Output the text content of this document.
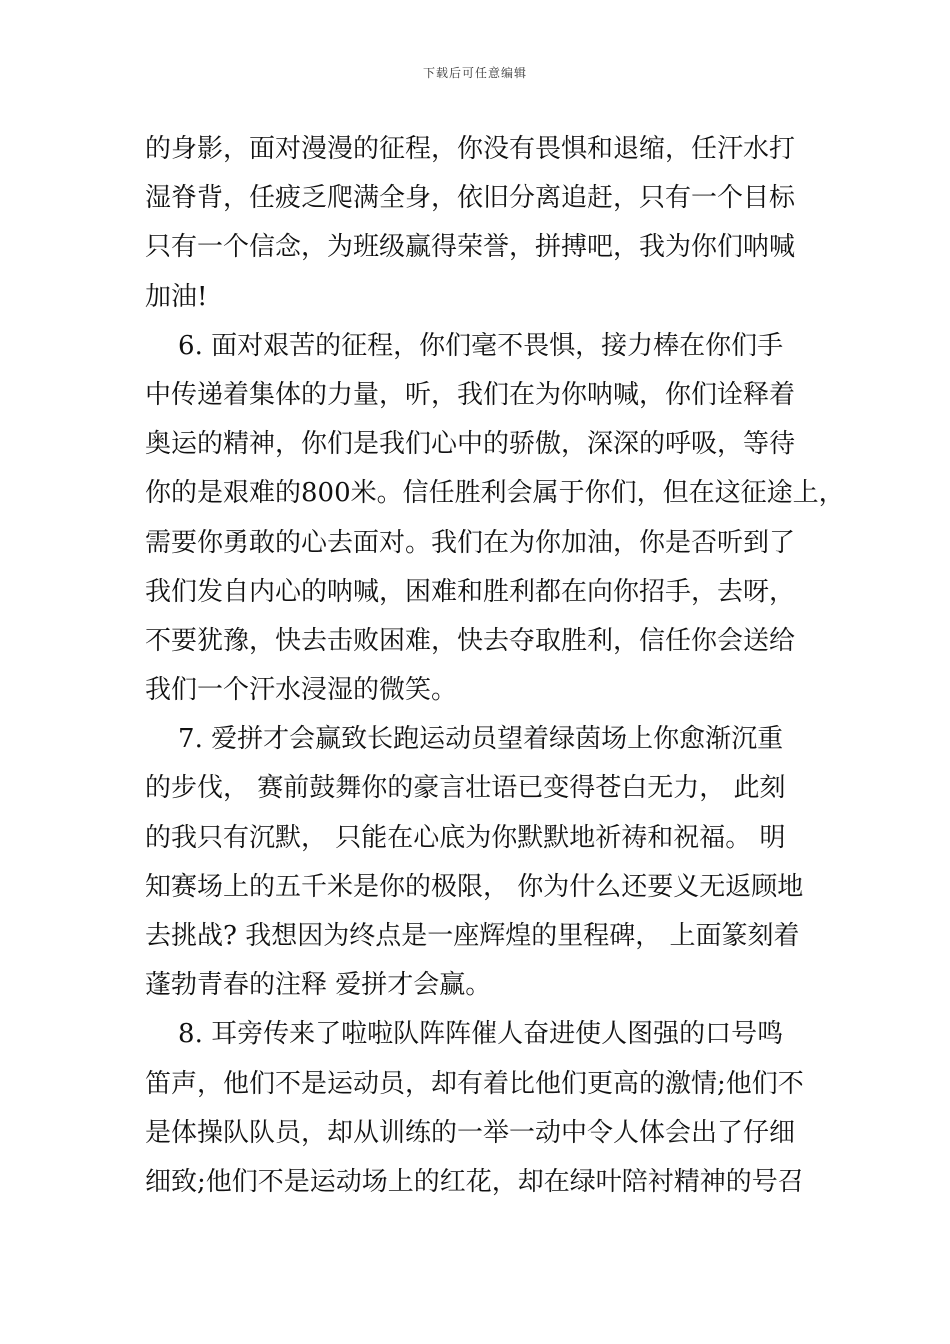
下载后可任意编辑
的身影，面对漫漫的征程，你没有畏惧和退缩，任汗水打
湿脊背，任疲乏爬满全身，依旧分离追赶，只有一个目标
只有一个信念，为班级赢得荣誉，拼搏吧，我为你们呐喊
加油!
6. 面对艰苦的征程，你们毫不畏惧，接力棒在你们手
中传递着集体的力量，听，我们在为你呐喊，你们诠释着
奥运的精神，你们是我们心中的骄傲，深深的呼吸，等待
你的是艰难的800米。信任胜利会属于你们，但在这征途上，
需要你勇敢的心去面对。我们在为你加油，你是否听到了
我们发自内心的呐喊，困难和胜利都在向你招手，去呀，
不要犹豫，快去击败困难，快去夺取胜利，信任你会送给
我们一个汗水浸湿的微笑。
7. 爱拼才会赢致长跑运动员望着绿茵场上你愈渐沉重
的步伐， 赛前鼓舞你的豪言壮语已变得苍白无力， 此刻
的我只有沉默， 只能在心底为你默默地祈祷和祝福。 明
知赛场上的五千米是你的极限， 你为什么还要义无返顾地
去挑战? 我想因为终点是一座辉煌的里程碑， 上面篆刻着
蓬勃青春的注释 爱拼才会赢。
8. 耳旁传来了啦啦队阵阵催人奋进使人图强的口号鸣
笛声，他们不是运动员，却有着比他们更高的激情;他们不
是体操队队员，却从训练的一举一动中令人体会出了仔细
细致;他们不是运动场上的红花，却在绿叶陪衬精神的号召
